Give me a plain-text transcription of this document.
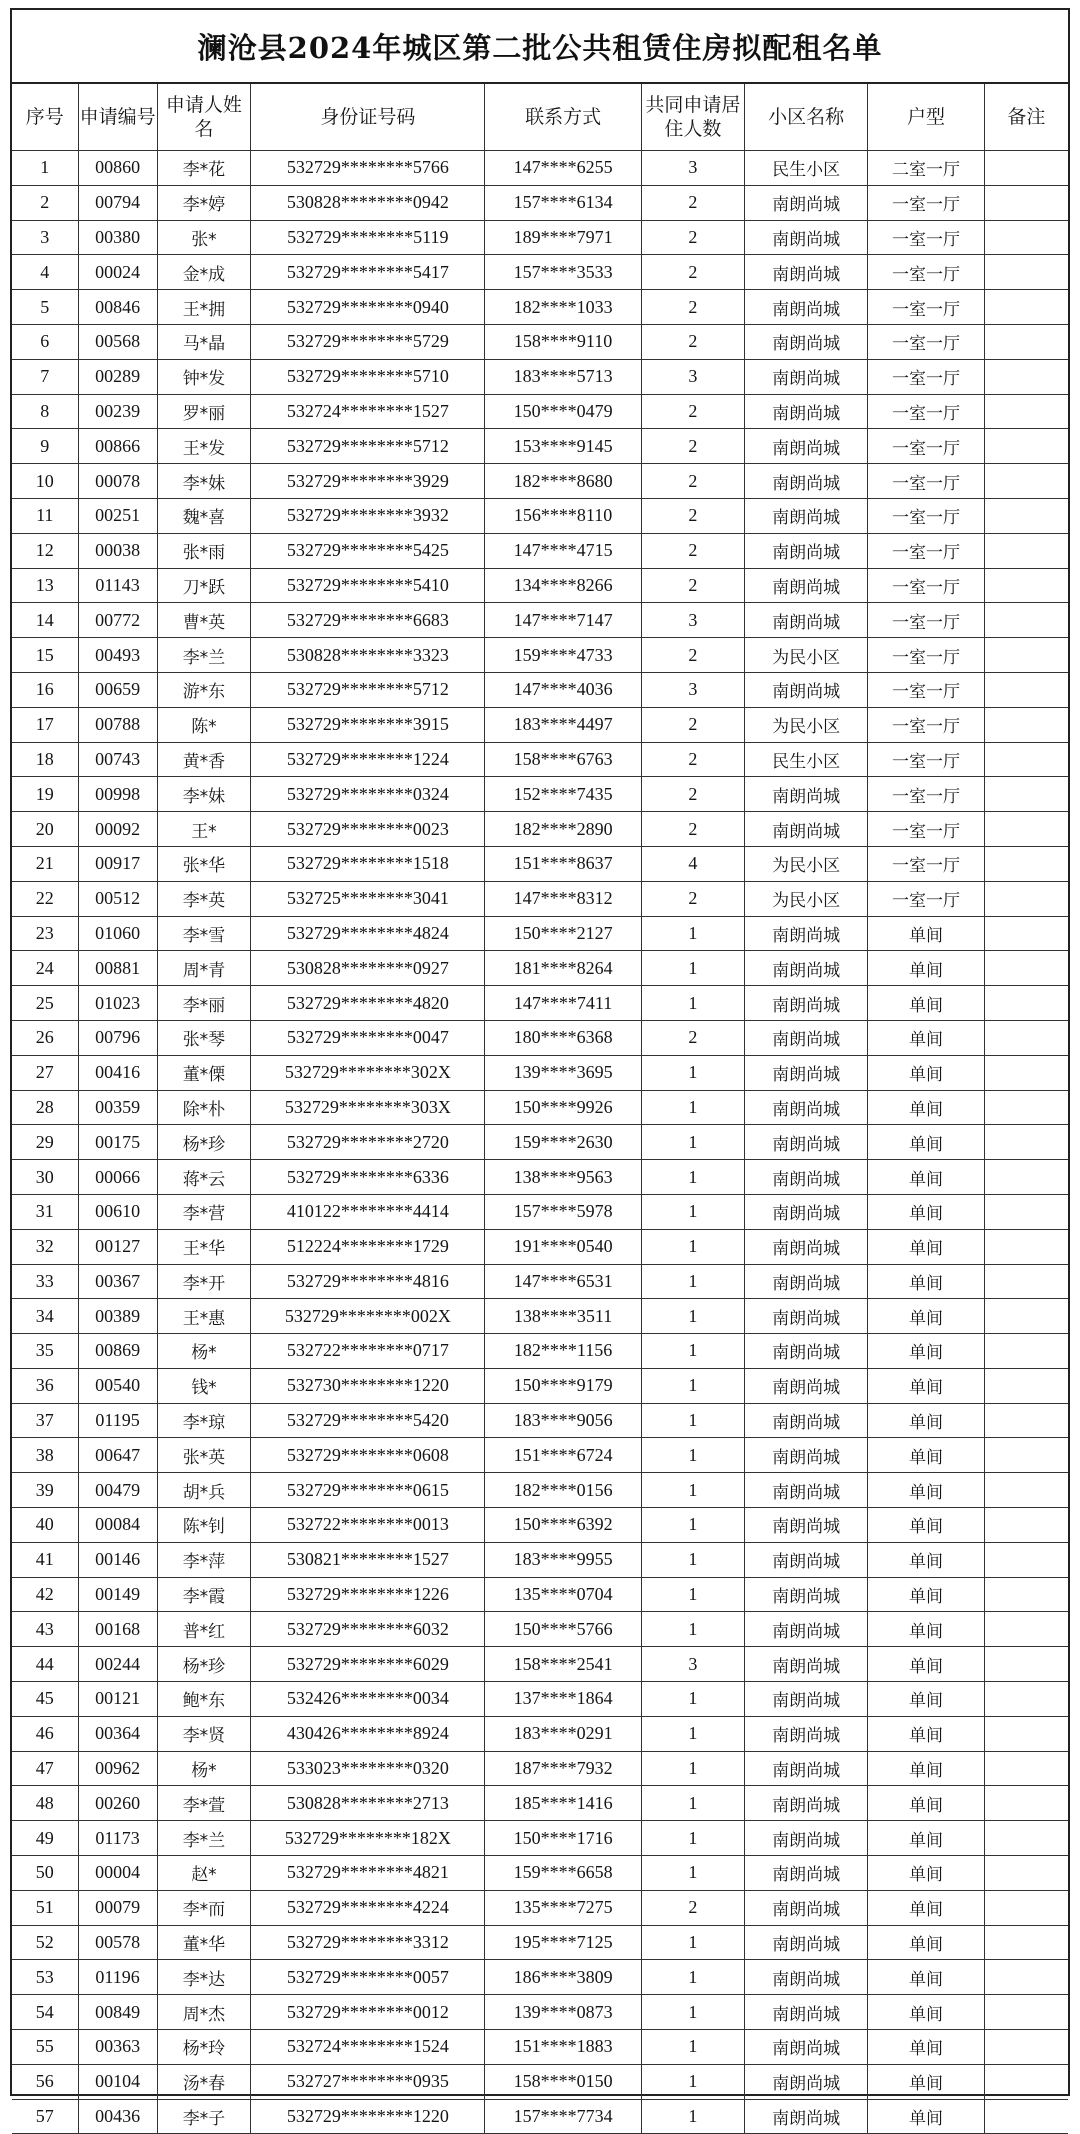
澜沧县2024年城区第二批公共租赁住房拟配租名单
序号	申请编号	申请人姓名	身份证号码	联系方式	共同申请居住人数	小区名称	户型	备注
1	00860	李*花	532729********5766	147****6255	3	民生小区	二室一厅	
2	00794	李*婷	530828********0942	157****6134	2	南朗尚城	一室一厅	
3	00380	张*	532729********5119	189****7971	2	南朗尚城	一室一厅	
4	00024	金*成	532729********5417	157****3533	2	南朗尚城	一室一厅	
5	00846	王*拥	532729********0940	182****1033	2	南朗尚城	一室一厅	
6	00568	马*晶	532729********5729	158****9110	2	南朗尚城	一室一厅	
7	00289	钟*发	532729********5710	183****5713	3	南朗尚城	一室一厅	
8	00239	罗*丽	532724********1527	150****0479	2	南朗尚城	一室一厅	
9	00866	王*发	532729********5712	153****9145	2	南朗尚城	一室一厅	
10	00078	李*妹	532729********3929	182****8680	2	南朗尚城	一室一厅	
11	00251	魏*喜	532729********3932	156****8110	2	南朗尚城	一室一厅	
12	00038	张*雨	532729********5425	147****4715	2	南朗尚城	一室一厅	
13	01143	刀*跃	532729********5410	134****8266	2	南朗尚城	一室一厅	
14	00772	曹*英	532729********6683	147****7147	3	南朗尚城	一室一厅	
15	00493	李*兰	530828********3323	159****4733	2	为民小区	一室一厅	
16	00659	游*东	532729********5712	147****4036	3	南朗尚城	一室一厅	
17	00788	陈*	532729********3915	183****4497	2	为民小区	一室一厅	
18	00743	黄*香	532729********1224	158****6763	2	民生小区	一室一厅	
19	00998	李*妹	532729********0324	152****7435	2	南朗尚城	一室一厅	
20	00092	王*	532729********0023	182****2890	2	南朗尚城	一室一厅	
21	00917	张*华	532729********1518	151****8637	4	为民小区	一室一厅	
22	00512	李*英	532725********3041	147****8312	2	为民小区	一室一厅	
23	01060	李*雪	532729********4824	150****2127	1	南朗尚城	单间	
24	00881	周*青	530828********0927	181****8264	1	南朗尚城	单间	
25	01023	李*丽	532729********4820	147****7411	1	南朗尚城	单间	
26	00796	张*琴	532729********0047	180****6368	2	南朗尚城	单间	
27	00416	董*傈	532729********302X	139****3695	1	南朗尚城	单间	
28	00359	除*朴	532729********303X	150****9926	1	南朗尚城	单间	
29	00175	杨*珍	532729********2720	159****2630	1	南朗尚城	单间	
30	00066	蒋*云	532729********6336	138****9563	1	南朗尚城	单间	
31	00610	李*营	410122********4414	157****5978	1	南朗尚城	单间	
32	00127	王*华	512224********1729	191****0540	1	南朗尚城	单间	
33	00367	李*开	532729********4816	147****6531	1	南朗尚城	单间	
34	00389	王*惠	532729********002X	138****3511	1	南朗尚城	单间	
35	00869	杨*	532722********0717	182****1156	1	南朗尚城	单间	
36	00540	钱*	532730********1220	150****9179	1	南朗尚城	单间	
37	01195	李*琼	532729********5420	183****9056	1	南朗尚城	单间	
38	00647	张*英	532729********0608	151****6724	1	南朗尚城	单间	
39	00479	胡*兵	532729********0615	182****0156	1	南朗尚城	单间	
40	00084	陈*钊	532722********0013	150****6392	1	南朗尚城	单间	
41	00146	李*萍	530821********1527	183****9955	1	南朗尚城	单间	
42	00149	李*霞	532729********1226	135****0704	1	南朗尚城	单间	
43	00168	普*红	532729********6032	150****5766	1	南朗尚城	单间	
44	00244	杨*珍	532729********6029	158****2541	3	南朗尚城	单间	
45	00121	鲍*东	532426********0034	137****1864	1	南朗尚城	单间	
46	00364	李*贤	430426********8924	183****0291	1	南朗尚城	单间	
47	00962	杨*	533023********0320	187****7932	1	南朗尚城	单间	
48	00260	李*萱	530828********2713	185****1416	1	南朗尚城	单间	
49	01173	李*兰	532729********182X	150****1716	1	南朗尚城	单间	
50	00004	赵*	532729********4821	159****6658	1	南朗尚城	单间	
51	00079	李*而	532729********4224	135****7275	2	南朗尚城	单间	
52	00578	董*华	532729********3312	195****7125	1	南朗尚城	单间	
53	01196	李*达	532729********0057	186****3809	1	南朗尚城	单间	
54	00849	周*杰	532729********0012	139****0873	1	南朗尚城	单间	
55	00363	杨*玲	532724********1524	151****1883	1	南朗尚城	单间	
56	00104	汤*春	532727********0935	158****0150	1	南朗尚城	单间	
57	00436	李*子	532729********1220	157****7734	1	南朗尚城	单间	
